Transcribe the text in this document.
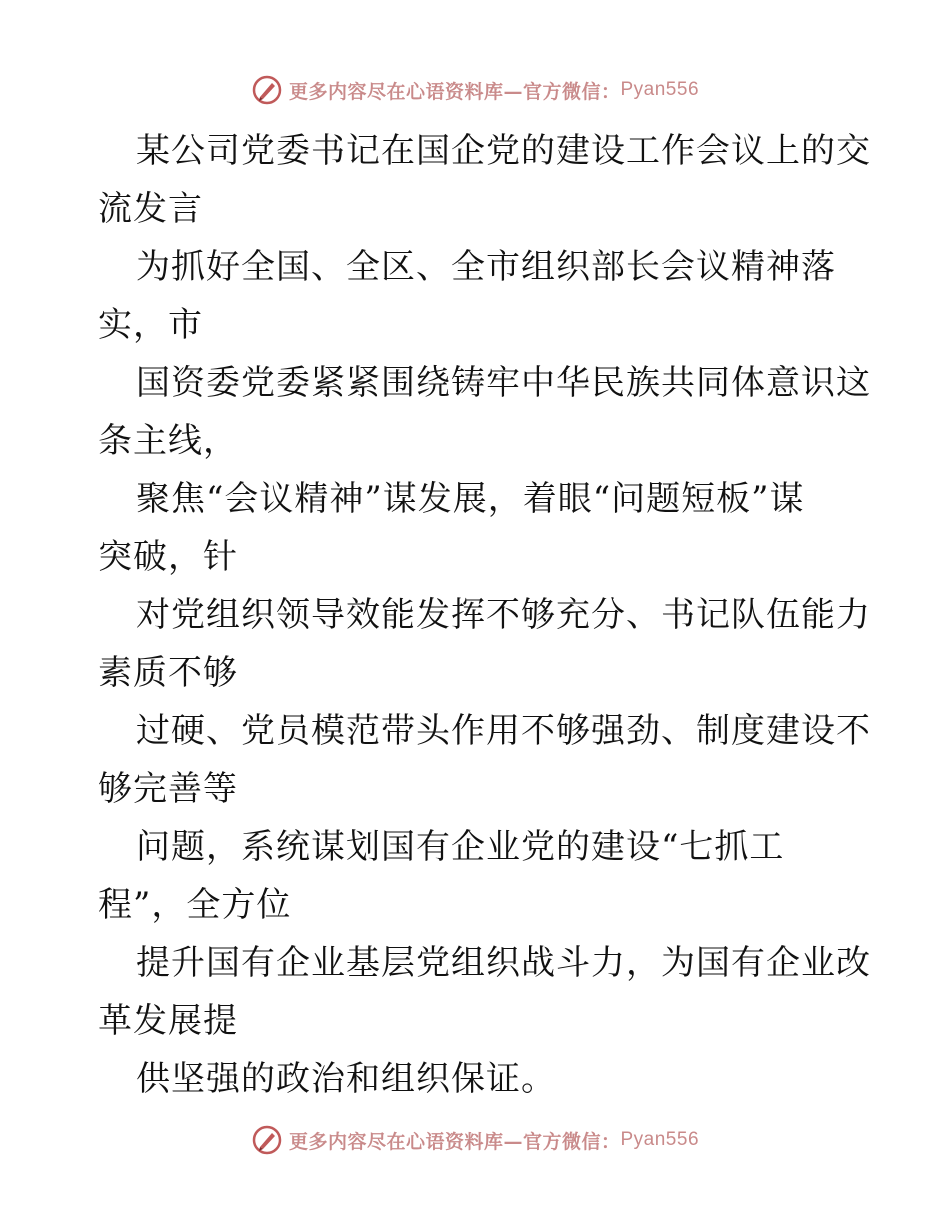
更多内容尽在心语资料库—官方微信： Pyan556
某公司党委书记在国企党的建设工作会议上的交
流发言
为抓好全国、全区、全市组织部长会议精神落
实，市
国资委党委紧紧围绕铸牢中华民族共同体意识这
条主线，
聚焦“会议精神”谋发展，着眼“问题短板”谋
突破，针
对党组织领导效能发挥不够充分、书记队伍能力
素质不够
过硬、党员模范带头作用不够强劲、制度建设不
够完善等
问题，系统谋划国有企业党的建设“七抓工
程”，全方位
提升国有企业基层党组织战斗力，为国有企业改
革发展提
供坚强的政治和组织保证。
更多内容尽在心语资料库—官方微信： Pyan556
